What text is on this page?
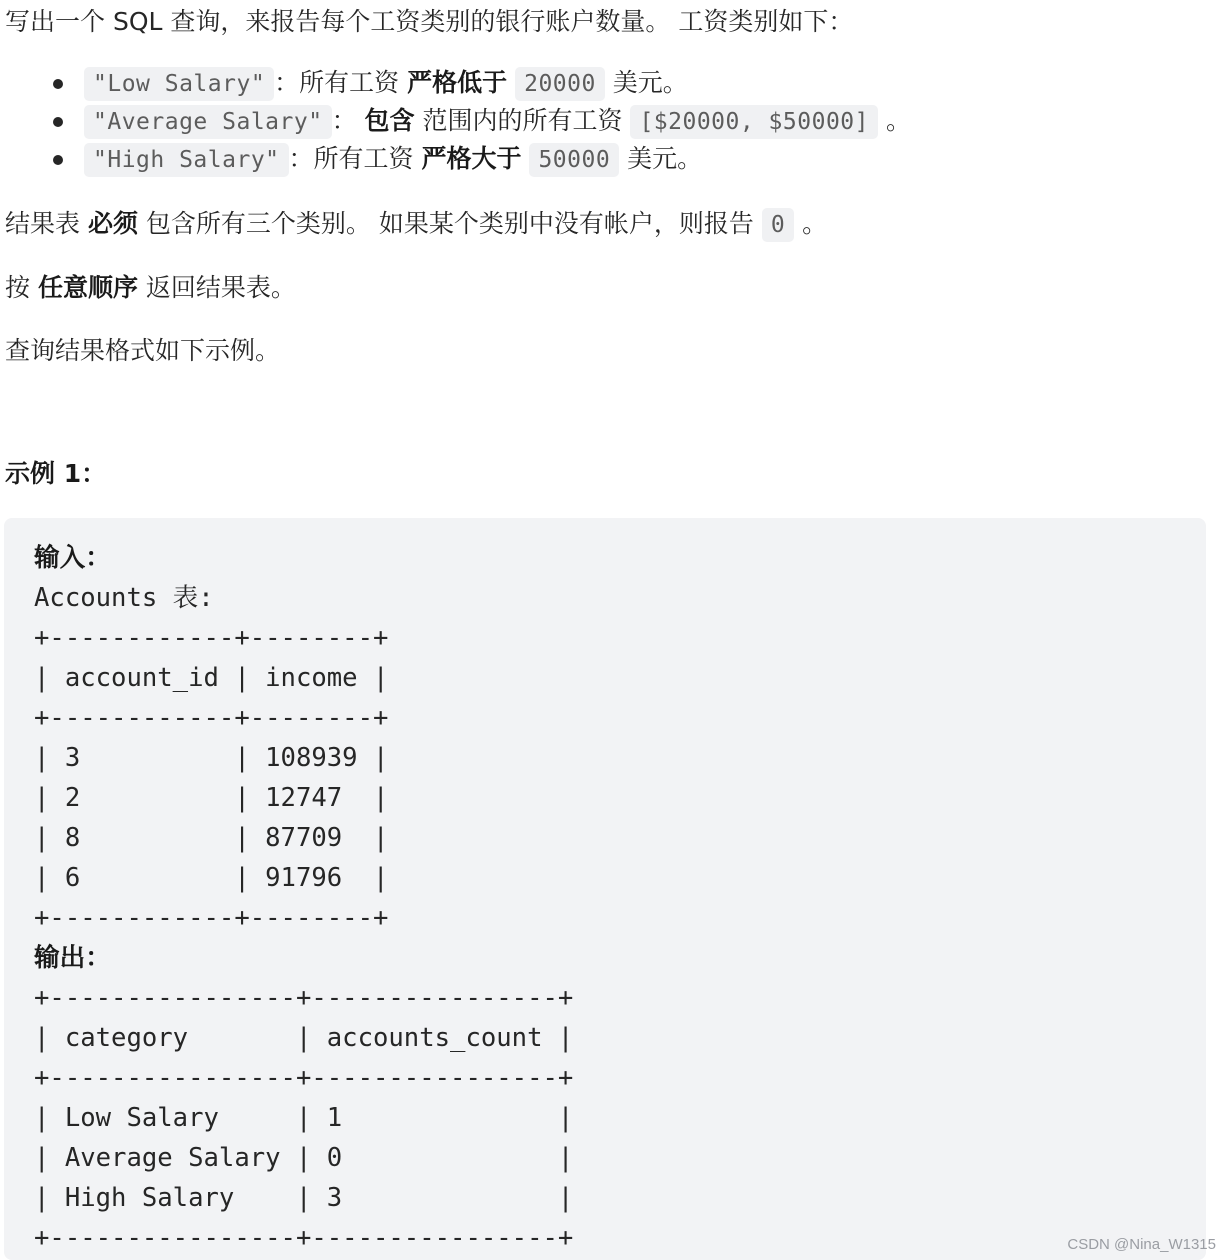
写出一个 SQL 查询，来报告每个工资类别的银行账户数量。 工资类别如下：
"Low Salary" ：所有工资 严格低于 20000 美元。
"Average Salary" ： 包含 范围内的所有工资 [$20000, $50000] 。
"High Salary" ：所有工资 严格大于 50000 美元。
结果表 必须 包含所有三个类别。 如果某个类别中没有帐户，则报告 0 。
按 任意顺序 返回结果表。
查询结果格式如下示例。
示例 1：
输入：
Accounts 表:
+------------+--------+
| account_id | income |
+------------+--------+
| 3          | 108939 |
| 2          | 12747  |
| 8          | 87709  |
| 6          | 91796  |
+------------+--------+
输出：
+----------------+----------------+
| category       | accounts_count |
+----------------+----------------+
| Low Salary     | 1              |
| Average Salary | 0              |
| High Salary    | 3              |
+----------------+----------------+	CSDN @Nina_W1315
